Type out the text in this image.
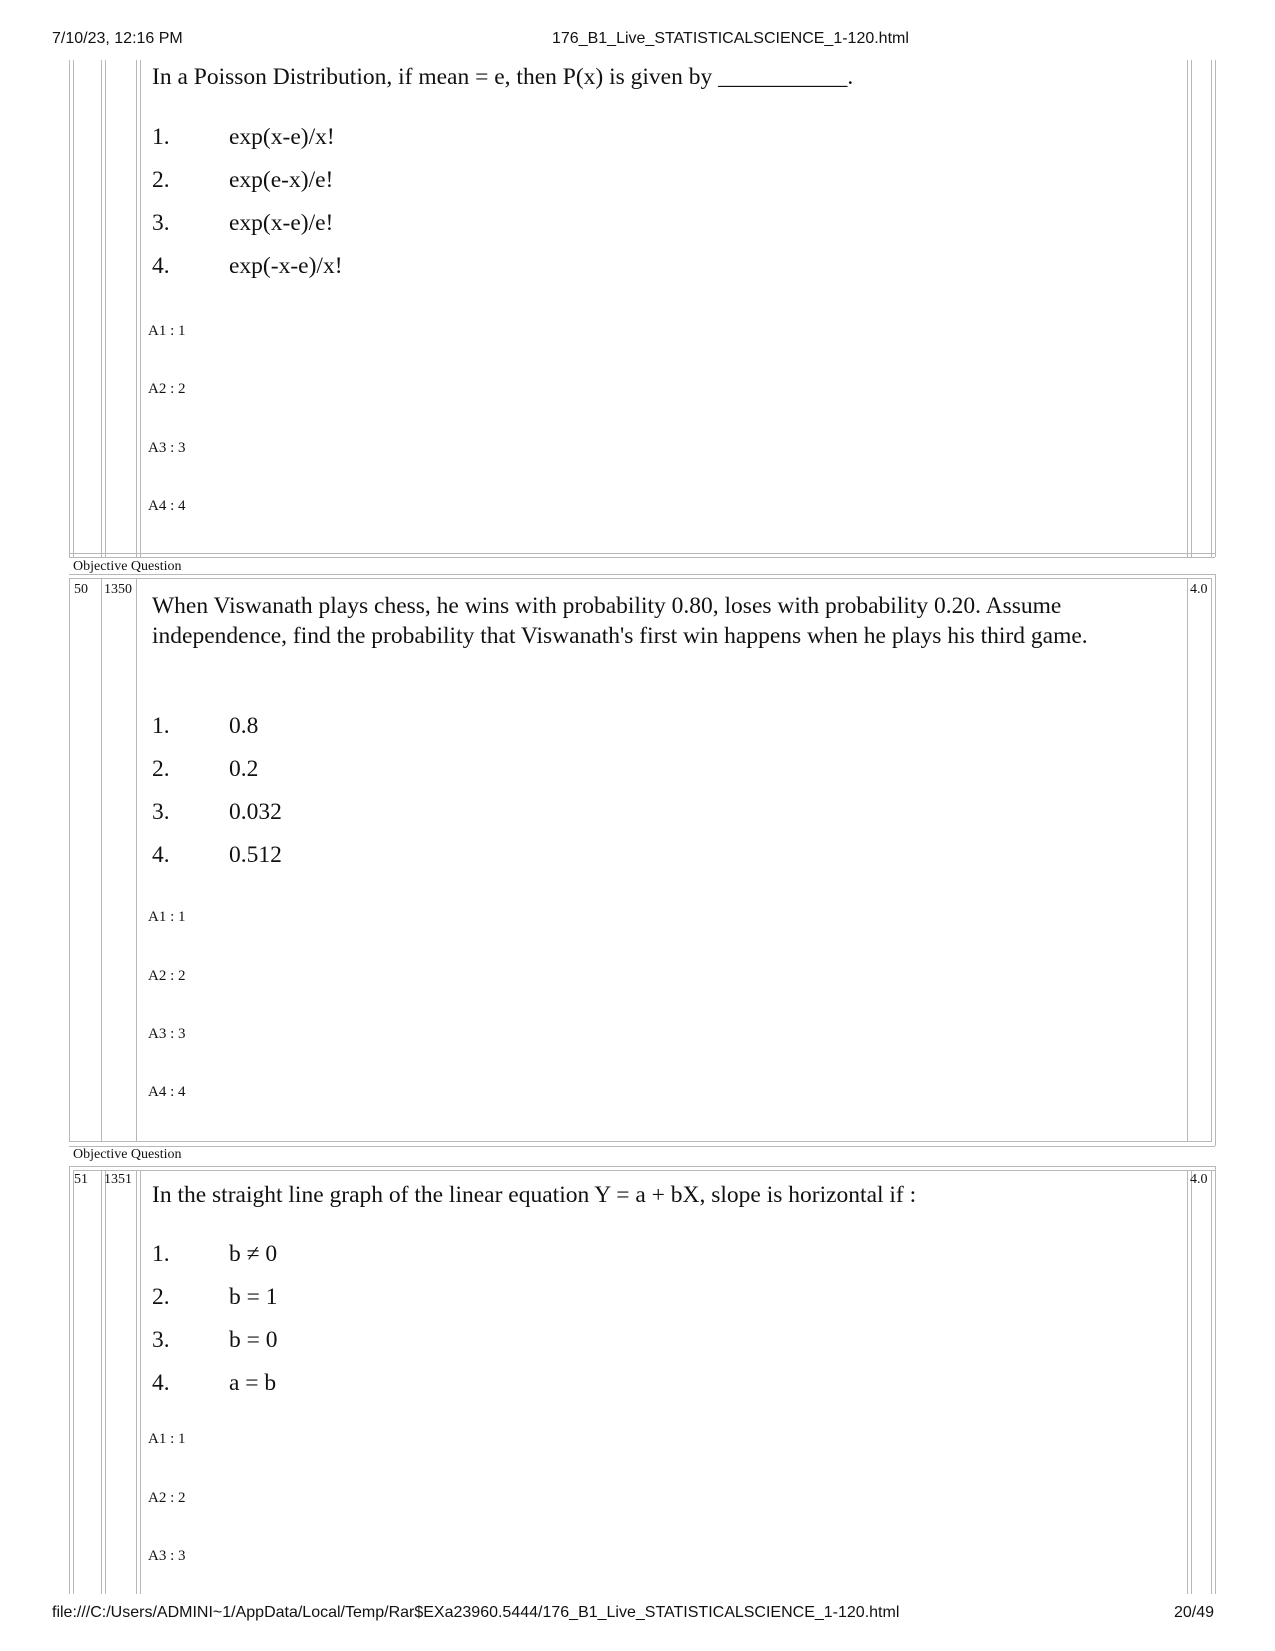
7/10/23, 12:16 PM	176_B1_Live_STATISTICALSCIENCE_1-120.html
In a Poisson Distribution, if mean = e, then P(x) is given by ___________.
1.	exp(x-e)/x!
2.	exp(e-x)/e!
3.	exp(x-e)/e!
4.	exp(-x-e)/x!
A1 : 1
A2 : 2
A3 : 3
A4 : 4
Objective Question
50 1350	4.0
When Viswanath plays chess, he wins with probability 0.80, loses with probability 0.20. Assume independence, find the probability that Viswanath's first win happens when he plays his third game.
1.	0.8
2.	0.2
3.	0.032
4.	0.512
A1 : 1
A2 : 2
A3 : 3
A4 : 4
Objective Question
51 1351	4.0
In the straight line graph of the linear equation Y = a + bX, slope is horizontal if :
1.	b ≠ 0
2.	b = 1
3.	b = 0
4.	a = b
A1 : 1
A2 : 2
A3 : 3
file:///C:/Users/ADMINI~1/AppData/Local/Temp/Rar$EXa23960.5444/176_B1_Live_STATISTICALSCIENCE_1-120.html	20/49
